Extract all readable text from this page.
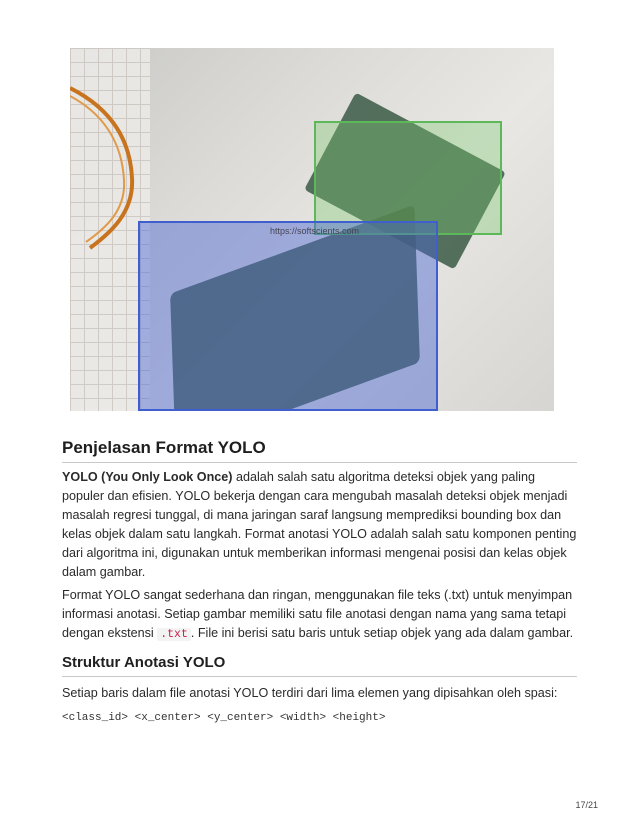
https://softscients.com
Penjelasan Format YOLO

YOLO (You Only Look Once) adalah salah satu algoritma deteksi objek yang paling populer dan efisien. YOLO bekerja dengan cara mengubah masalah deteksi objek menjadi masalah regresi tunggal, di mana jaringan saraf langsung memprediksi bounding box dan kelas objek dalam satu langkah. Format anotasi YOLO adalah salah satu komponen penting dari algoritma ini, digunakan untuk memberikan informasi mengenai posisi dan kelas objek dalam gambar.

Format YOLO sangat sederhana dan ringan, menggunakan file teks (.txt) untuk menyimpan informasi anotasi. Setiap gambar memiliki satu file anotasi dengan nama yang sama tetapi dengan ekstensi .txt . File ini berisi satu baris untuk setiap objek yang ada dalam gambar.

Struktur Anotasi YOLO

Setiap baris dalam file anotasi YOLO terdiri dari lima elemen yang dipisahkan oleh spasi:

<class_id> <x_center> <y_center> <width> <height>
17/21
